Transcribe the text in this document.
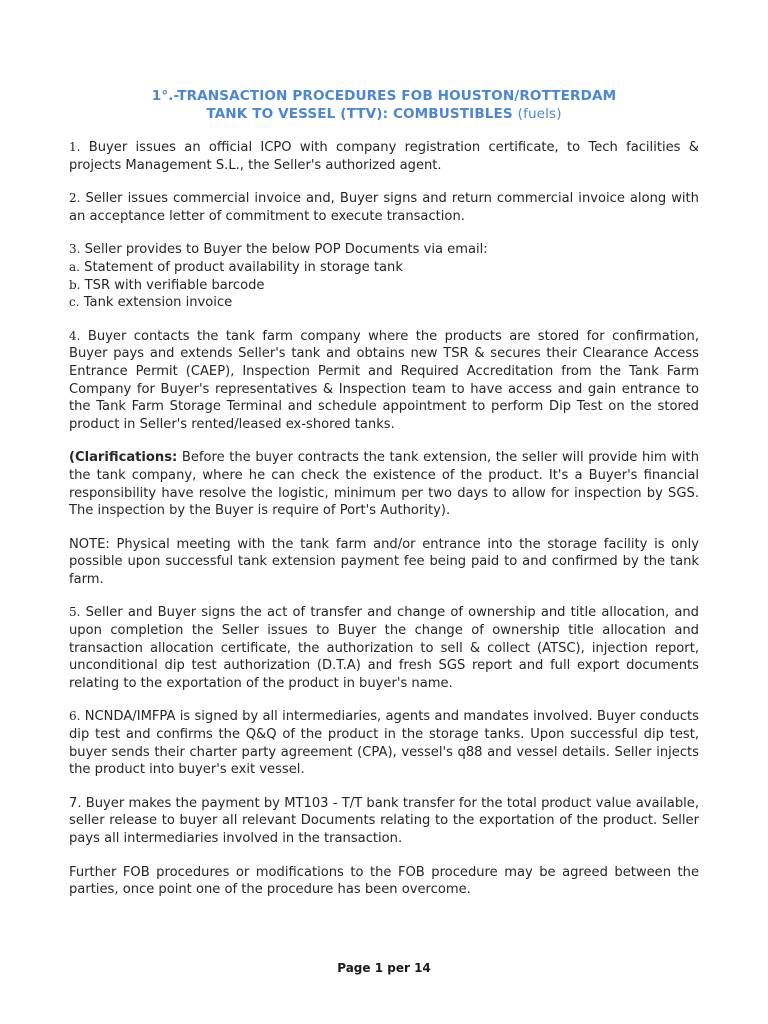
1°.-TRANSACTION PROCEDURES FOB HOUSTON/ROTTERDAM
TANK TO VESSEL (TTV): COMBUSTIBLES (fuels)

1. Buyer issues an official ICPO with company registration certificate, to Tech facilities & projects Management S.L., the Seller's authorized agent.

2. Seller issues commercial invoice and, Buyer signs and return commercial invoice along with an acceptance letter of commitment to execute transaction.

3. Seller provides to Buyer the below POP Documents via email:

a. Statement of product availability in storage tank
b. TSR with verifiable barcode
c. Tank extension invoice

4. Buyer contacts the tank farm company where the products are stored for confirmation, Buyer pays and extends Seller's tank and obtains new TSR & secures their Clearance Access Entrance Permit (CAEP), Inspection Permit and Required Accreditation from the Tank Farm Company for Buyer's representatives & Inspection team to have access and gain entrance to the Tank Farm Storage Terminal and schedule appointment to perform Dip Test on the stored product in Seller's rented/leased ex-shored tanks.

(Clarifications: Before the buyer contracts the tank extension, the seller will provide him with the tank company, where he can check the existence of the product. It's a Buyer's financial responsibility have resolve the logistic, minimum per two days to allow for inspection by SGS. The inspection by the Buyer is require of Port's Authority).

NOTE: Physical meeting with the tank farm and/or entrance into the storage facility is only possible upon successful tank extension payment fee being paid to and confirmed by the tank farm.

5. Seller and Buyer signs the act of transfer and change of ownership and title allocation, and upon completion the Seller issues to Buyer the change of ownership title allocation and transaction allocation certificate, the authorization to sell & collect (ATSC), injection report, unconditional dip test authorization (D.T.A) and fresh SGS report and full export documents relating to the exportation of the product in buyer's name.

6. NCNDA/IMFPA is signed by all intermediaries, agents and mandates involved. Buyer conducts dip test and confirms the Q&Q of the product in the storage tanks. Upon successful dip test, buyer sends their charter party agreement (CPA), vessel's q88 and vessel details. Seller injects the product into buyer's exit vessel.

7. Buyer makes the payment by MT103 - T/T bank transfer for the total product value available, seller release to buyer all relevant Documents relating to the exportation of the product. Seller pays all intermediaries involved in the transaction.

Further FOB procedures or modifications to the FOB procedure may be agreed between the parties, once point one of the procedure has been overcome.

Page 1 per 14
